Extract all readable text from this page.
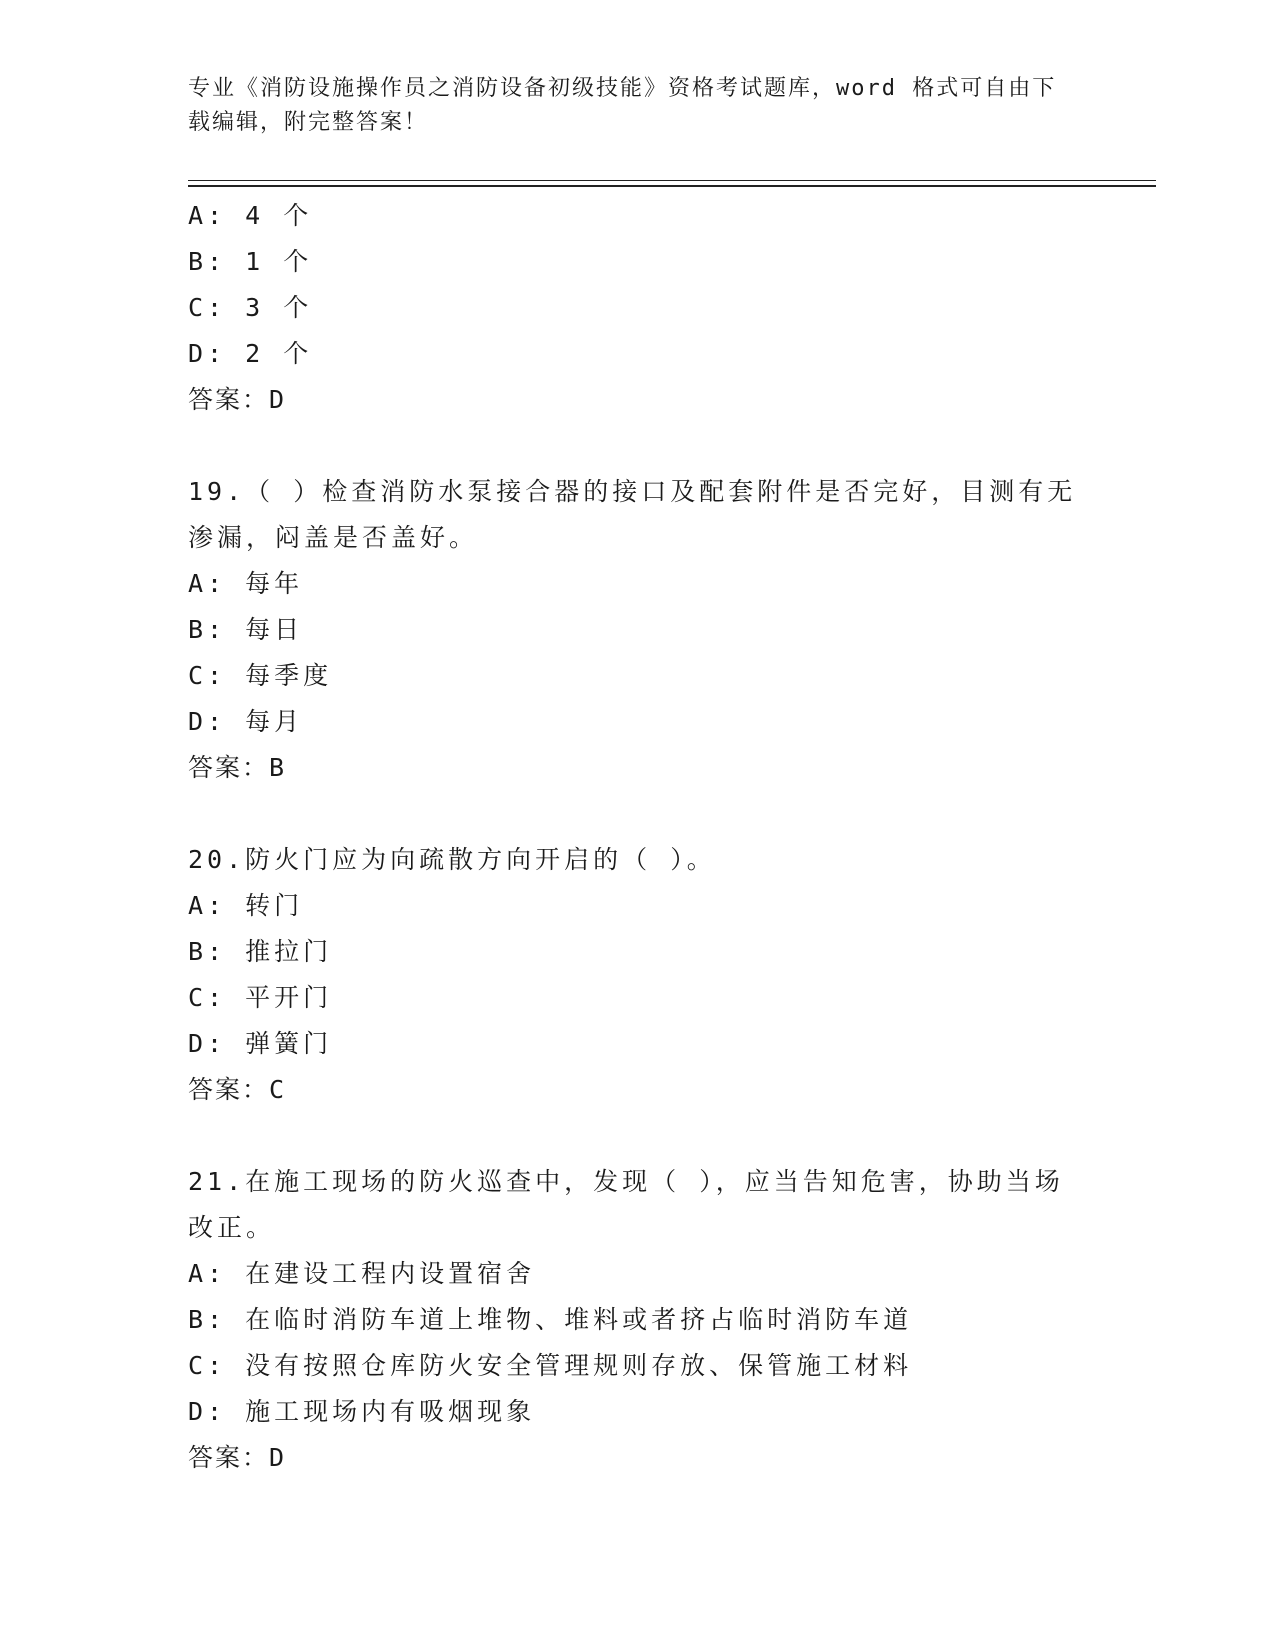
专业《消防设施操作员之消防设备初级技能》资格考试题库，word 格式可自由下
载编辑，附完整答案！
A: 4 个
B: 1 个
C: 3 个
D: 2 个
答案：D
19.（ ）检查消防水泵接合器的接口及配套附件是否完好，目测有无
渗漏，闷盖是否盖好。
A: 每年
B: 每日
C: 每季度
D: 每月
答案：B
20.防火门应为向疏散方向开启的（ ）。
A: 转门
B: 推拉门
C: 平开门
D: 弹簧门
答案：C
21.在施工现场的防火巡查中，发现（ ），应当告知危害，协助当场
改正。
A: 在建设工程内设置宿舍
B: 在临时消防车道上堆物、堆料或者挤占临时消防车道
C: 没有按照仓库防火安全管理规则存放、保管施工材料
D: 施工现场内有吸烟现象
答案：D
